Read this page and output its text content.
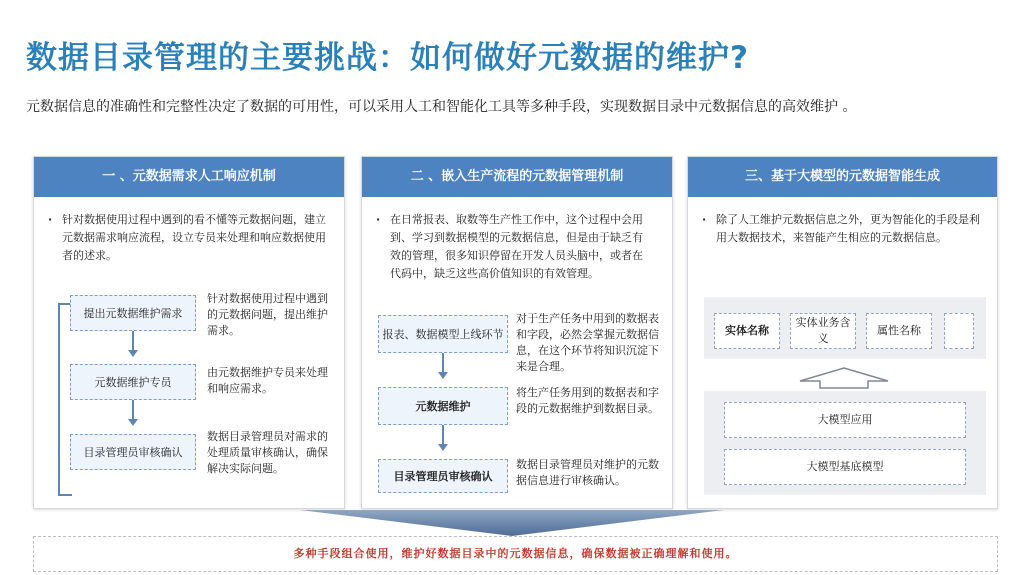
数据目录管理的主要挑战：如何做好元数据的维护?
元数据信息的准确性和完整性决定了数据的可用性，可以采用人工和智能化工具等多种手段，实现数据目录中元数据信息的高效维护 。
一 、元数据需求人工响应机制
· 针对数据使用过程中遇到的看不懂等元数据问题，建立元数据需求响应流程，设立专员来处理和响应数据使用者的述求。
提出元数据维护需求
元数据维护专员
目录管理员审核确认
针对数据使用过程中遇到的元数据问题，提出维护需求。
由元数据维护专员来处理和响应需求。
数据目录管理员对需求的处理质量审核确认，确保解决实际问题。
二 、嵌入生产流程的元数据管理机制
· 在日常报表、取数等生产性工作中，这个过程中会用到、学习到数据模型的元数据信息，但是由于缺乏有效的管理，很多知识停留在开发人员头脑中，或者在代码中，缺乏这些高价值知识的有效管理。
报表、数据模型上线环节
元数据维护
目录管理员审核确认
对于生产任务中用到的数据表和字段，必然会掌握元数据信息，在这个环节将知识沉淀下来是合理。
将生产任务用到的数据表和字段的元数据维护到数据目录。
数据目录管理员对维护的元数据信息进行审核确认。
三、基于大模型的元数据智能生成
· 除了人工维护元数据信息之外，更为智能化的手段是利用大数据技术，来智能产生相应的元数据信息。
实体名称
实体业务含义
属性名称
大模型应用
大模型基底模型
多种手段组合使用，维护好数据目录中的元数据信息，确保数据被正确理解和使用。
